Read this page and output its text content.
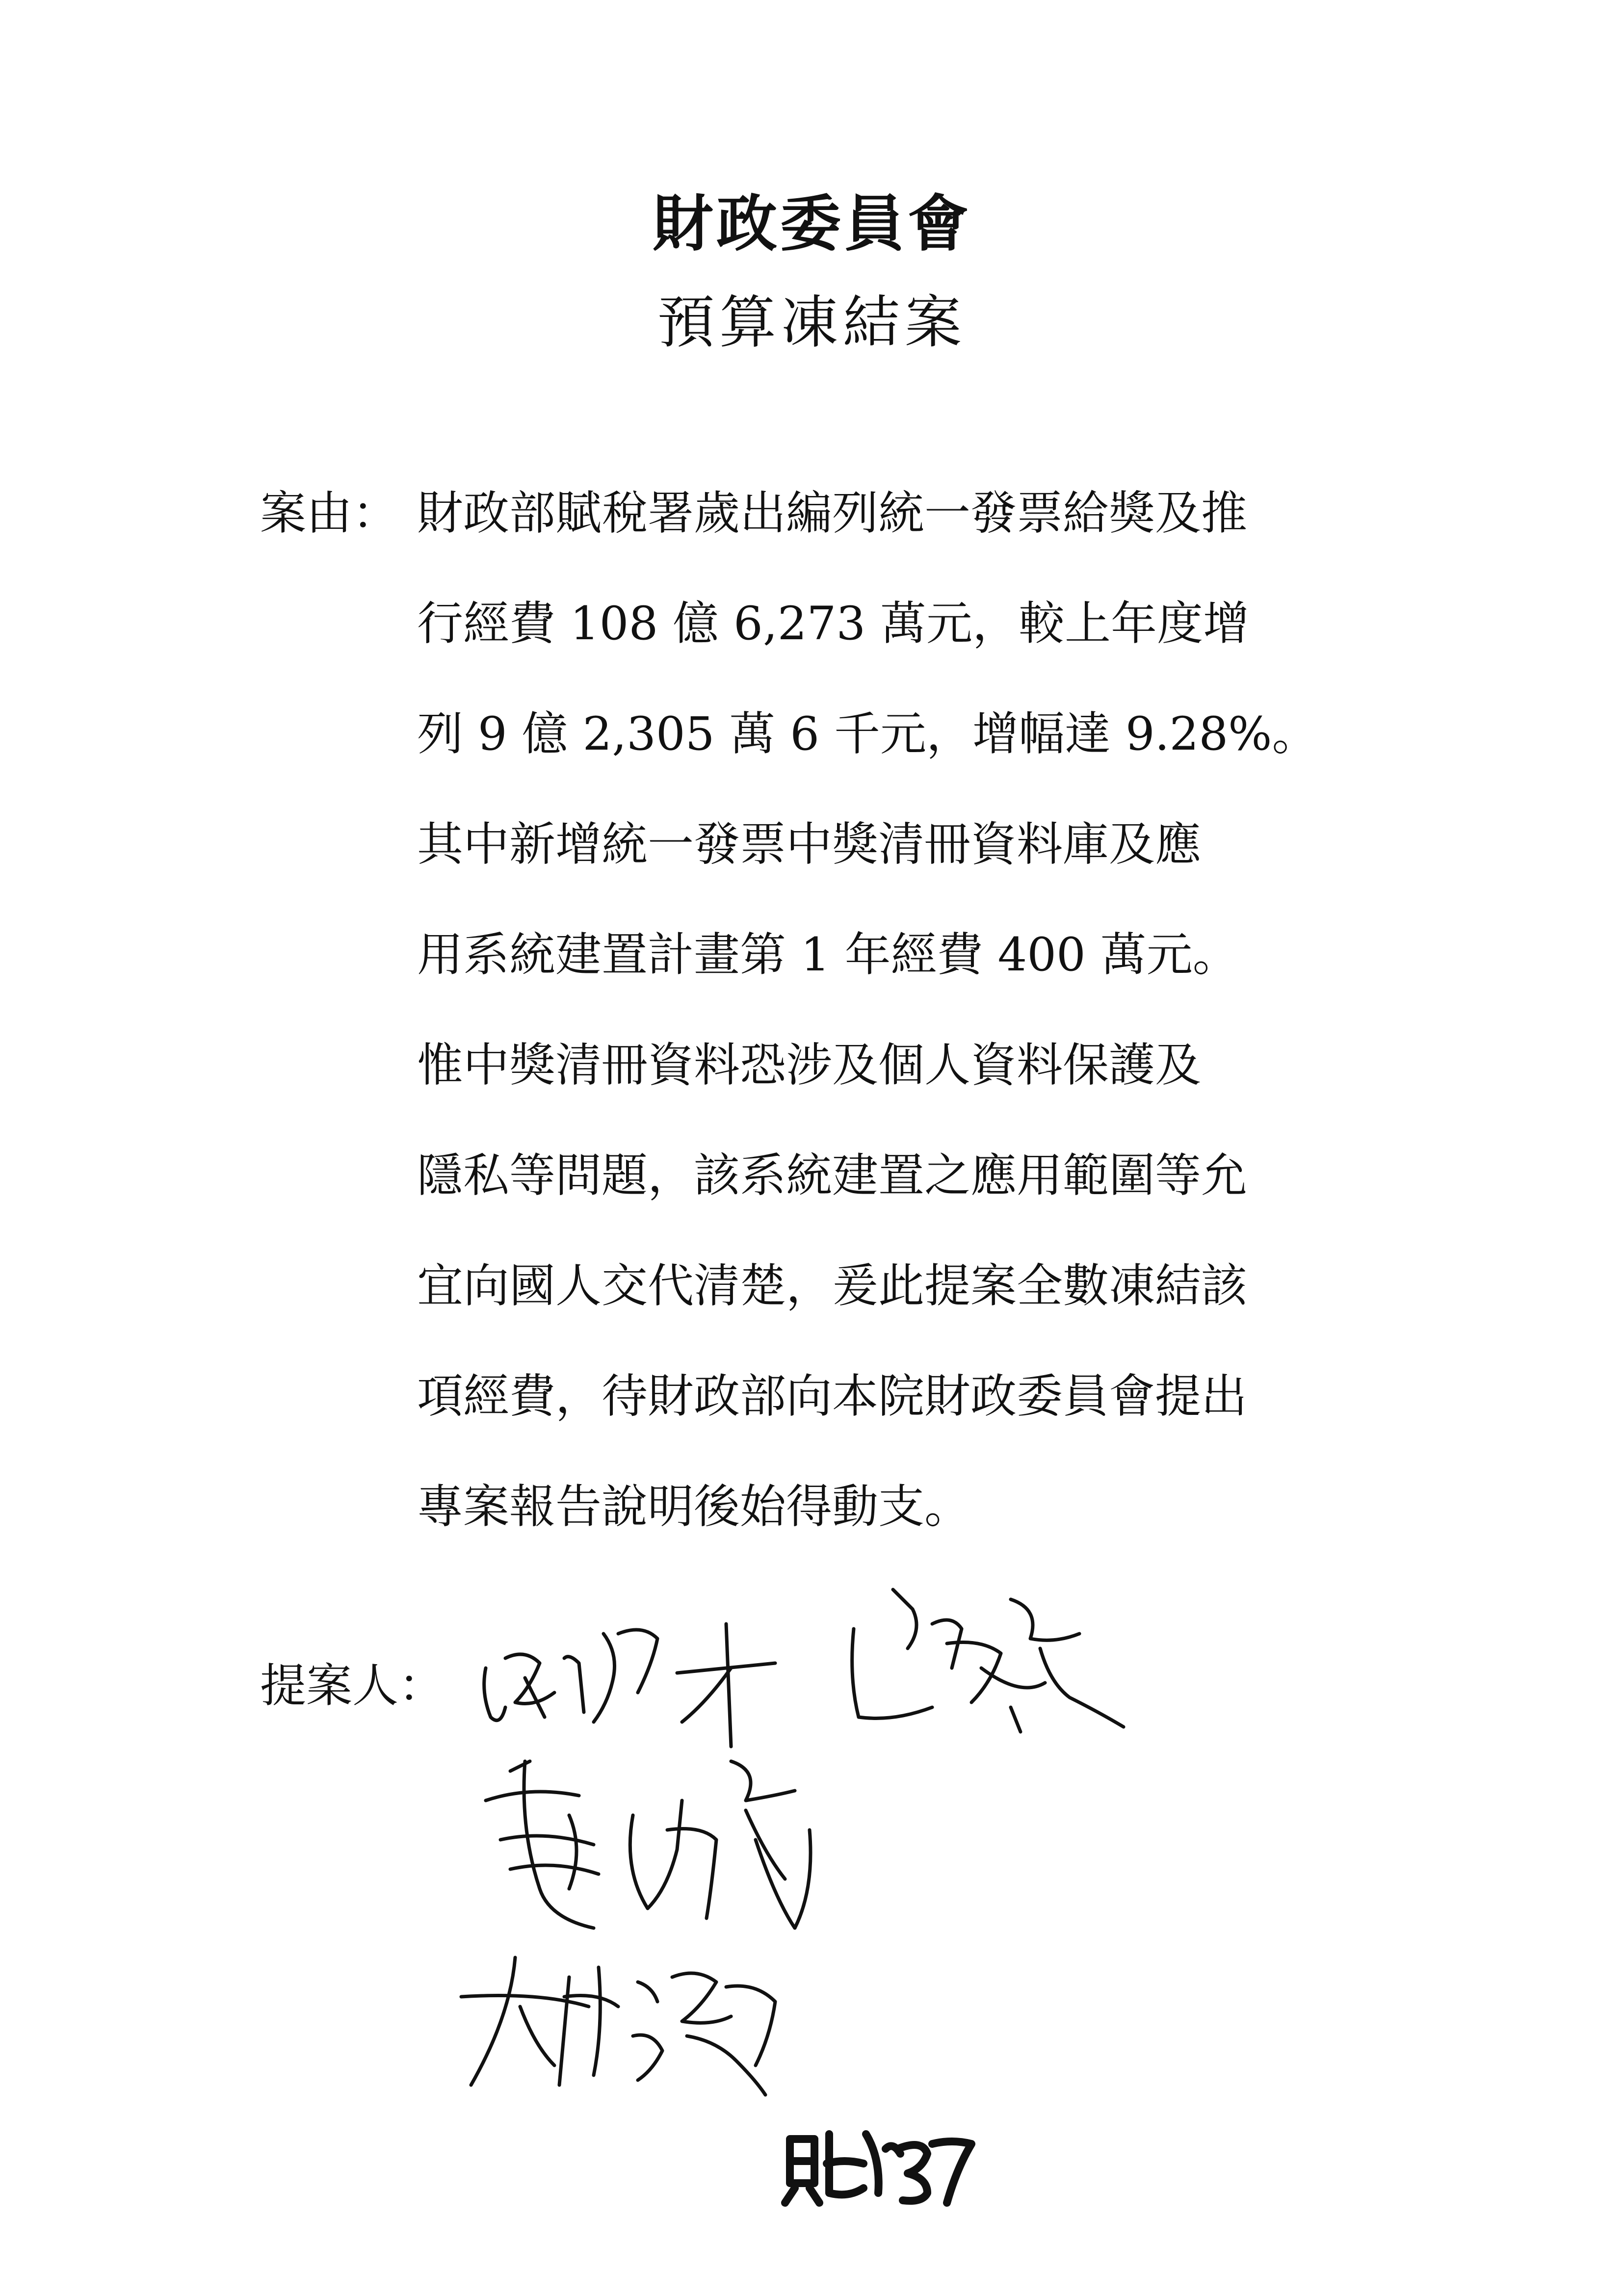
財政委員會
預算凍結案
案由： 財政部賦稅署歲出編列統一發票給獎及推
行經費 108 億 6,273 萬元，較上年度增
列 9 億 2,305 萬 6 千元，增幅達 9.28%。
其中新增統一發票中獎清冊資料庫及應
用系統建置計畫第 1 年經費 400 萬元。
惟中獎清冊資料恐涉及個人資料保護及
隱私等問題，該系統建置之應用範圍等允
宜向國人交代清楚，爰此提案全數凍結該
項經費，待財政部向本院財政委員會提出
專案報告說明後始得動支。
提案人：
